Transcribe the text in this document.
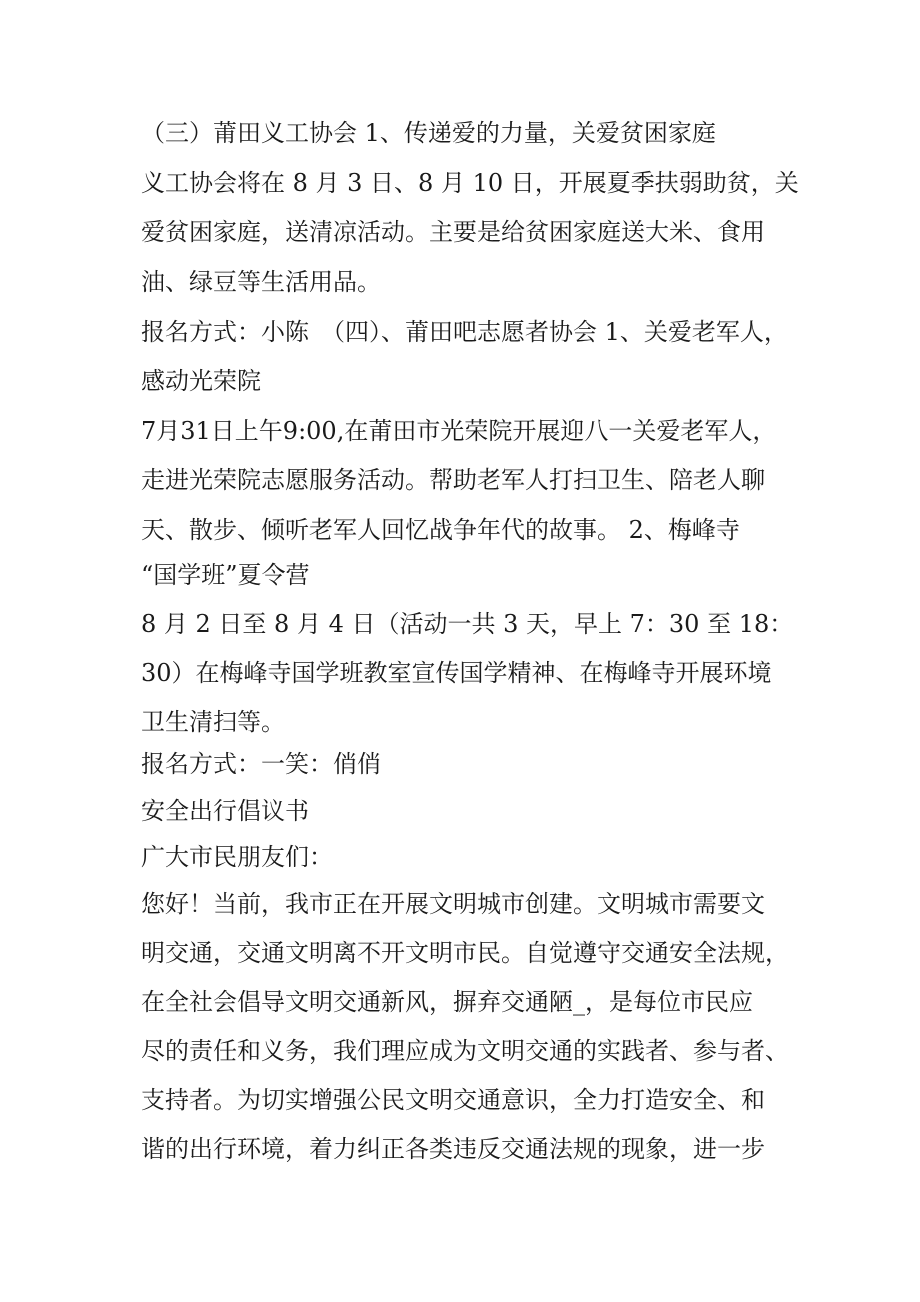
（三）莆田义工协会 1、传递爱的力量，关爱贫困家庭
义工协会将在 8 月 3 日、8 月 10 日，开展夏季扶弱助贫，关
爱贫困家庭，送清凉活动。主要是给贫困家庭送大米、食用
油、绿豆等生活用品。
报名方式：小陈　（四）、莆田吧志愿者协会 1、关爱老军人，
感动光荣院
7月31日上午9:00,在莆田市光荣院开展迎八一关爱老军人，
走进光荣院志愿服务活动。帮助老军人打扫卫生、陪老人聊
天、散步、倾听老军人回忆战争年代的故事。 2、梅峰寺
“国学班”夏令营
8 月 2 日至 8 月 4 日（活动一共 3 天，早上 7：30 至 18：
30）在梅峰寺国学班教室宣传国学精神、在梅峰寺开展环境
卫生清扫等。
报名方式：一笑：俏俏
安全出行倡议书
广大市民朋友们：
您好！当前，我市正在开展文明城市创建。文明城市需要文
明交通，交通文明离不开文明市民。自觉遵守交通安全法规，
在全社会倡导文明交通新风，摒弃交通陋_，是每位市民应
尽的责任和义务，我们理应成为文明交通的实践者、参与者、
支持者。为切实增强公民文明交通意识，全力打造安全、和
谐的出行环境，着力纠正各类违反交通法规的现象，进一步
